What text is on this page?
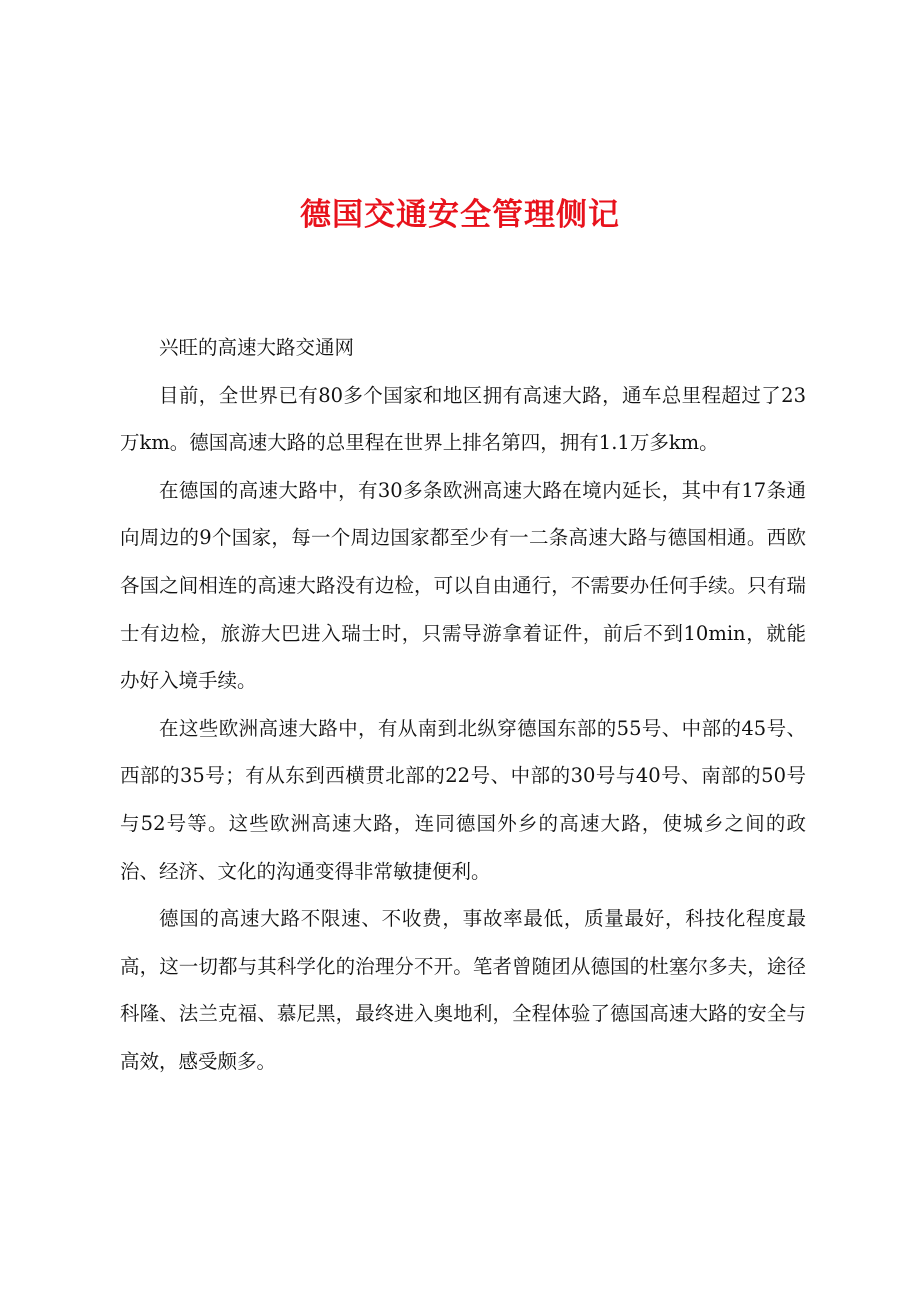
德国交通安全管理侧记

兴旺的高速大路交通网

目前，全世界已有80多个国家和地区拥有高速大路，通车总里程超过了23万km。德国高速大路的总里程在世界上排名第四，拥有1.1万多km。

在德国的高速大路中，有30多条欧洲高速大路在境内延长，其中有17条通向周边的9个国家，每一个周边国家都至少有一二条高速大路与德国相通。西欧各国之间相连的高速大路没有边检，可以自由通行，不需要办任何手续。只有瑞士有边检，旅游大巴进入瑞士时，只需导游拿着证件，前后不到10min，就能办好入境手续。

在这些欧洲高速大路中，有从南到北纵穿德国东部的55号、中部的45号、西部的35号；有从东到西横贯北部的22号、中部的30号与40号、南部的50号与52号等。这些欧洲高速大路，连同德国外乡的高速大路，使城乡之间的政治、经济、文化的沟通变得非常敏捷便利。

德国的高速大路不限速、不收费，事故率最低，质量最好，科技化程度最高，这一切都与其科学化的治理分不开。笔者曾随团从德国的杜塞尔多夫，途径科隆、法兰克福、慕尼黑，最终进入奥地利，全程体验了德国高速大路的安全与高效，感受颇多。
